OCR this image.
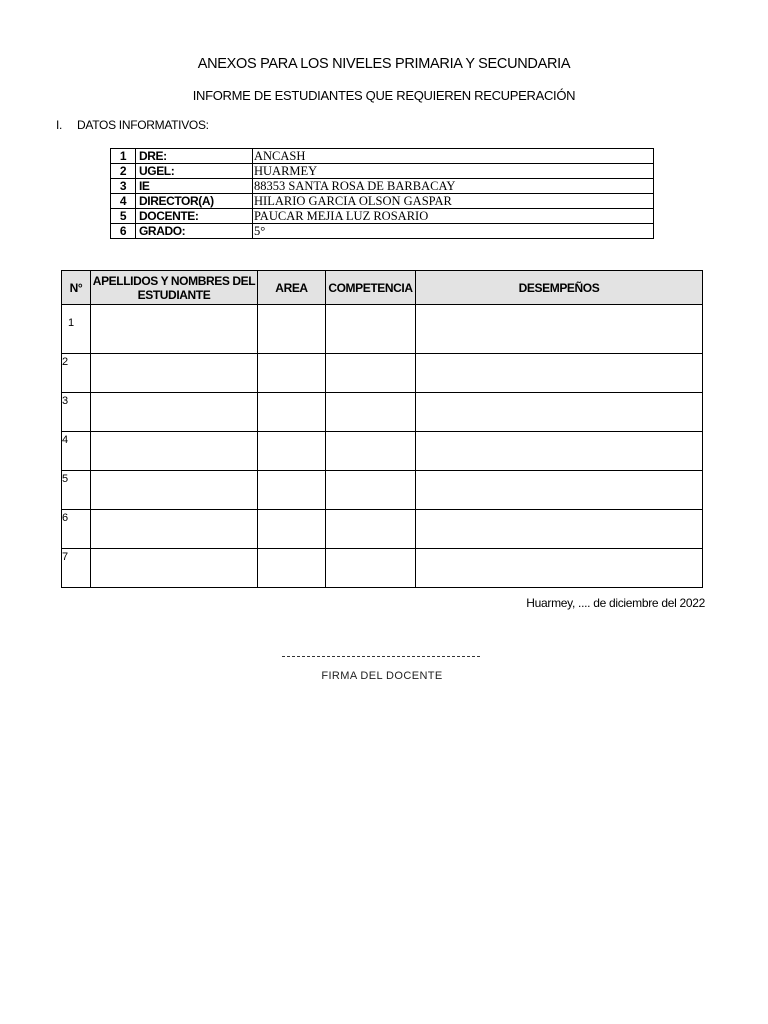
ANEXOS PARA LOS NIVELES PRIMARIA Y SECUNDARIA
INFORME DE ESTUDIANTES QUE REQUIEREN RECUPERACIÓN
I. DATOS INFORMATIVOS:
1	DRE:	ANCASH
2	UGEL:	HUARMEY
3	IE	88353 SANTA ROSA DE BARBACAY
4	DIRECTOR(A)	HILARIO GARCIA OLSON GASPAR
5	DOCENTE:	PAUCAR MEJIA LUZ ROSARIO
6	GRADO:	5°
N°	APELLIDOS Y NOMBRES DEL ESTUDIANTE	AREA	COMPETENCIA	DESEMPEÑOS
1				
2				
3				
4				
5				
6				
7				
Huarmey, .... de diciembre del 2022
FIRMA DEL DOCENTE
